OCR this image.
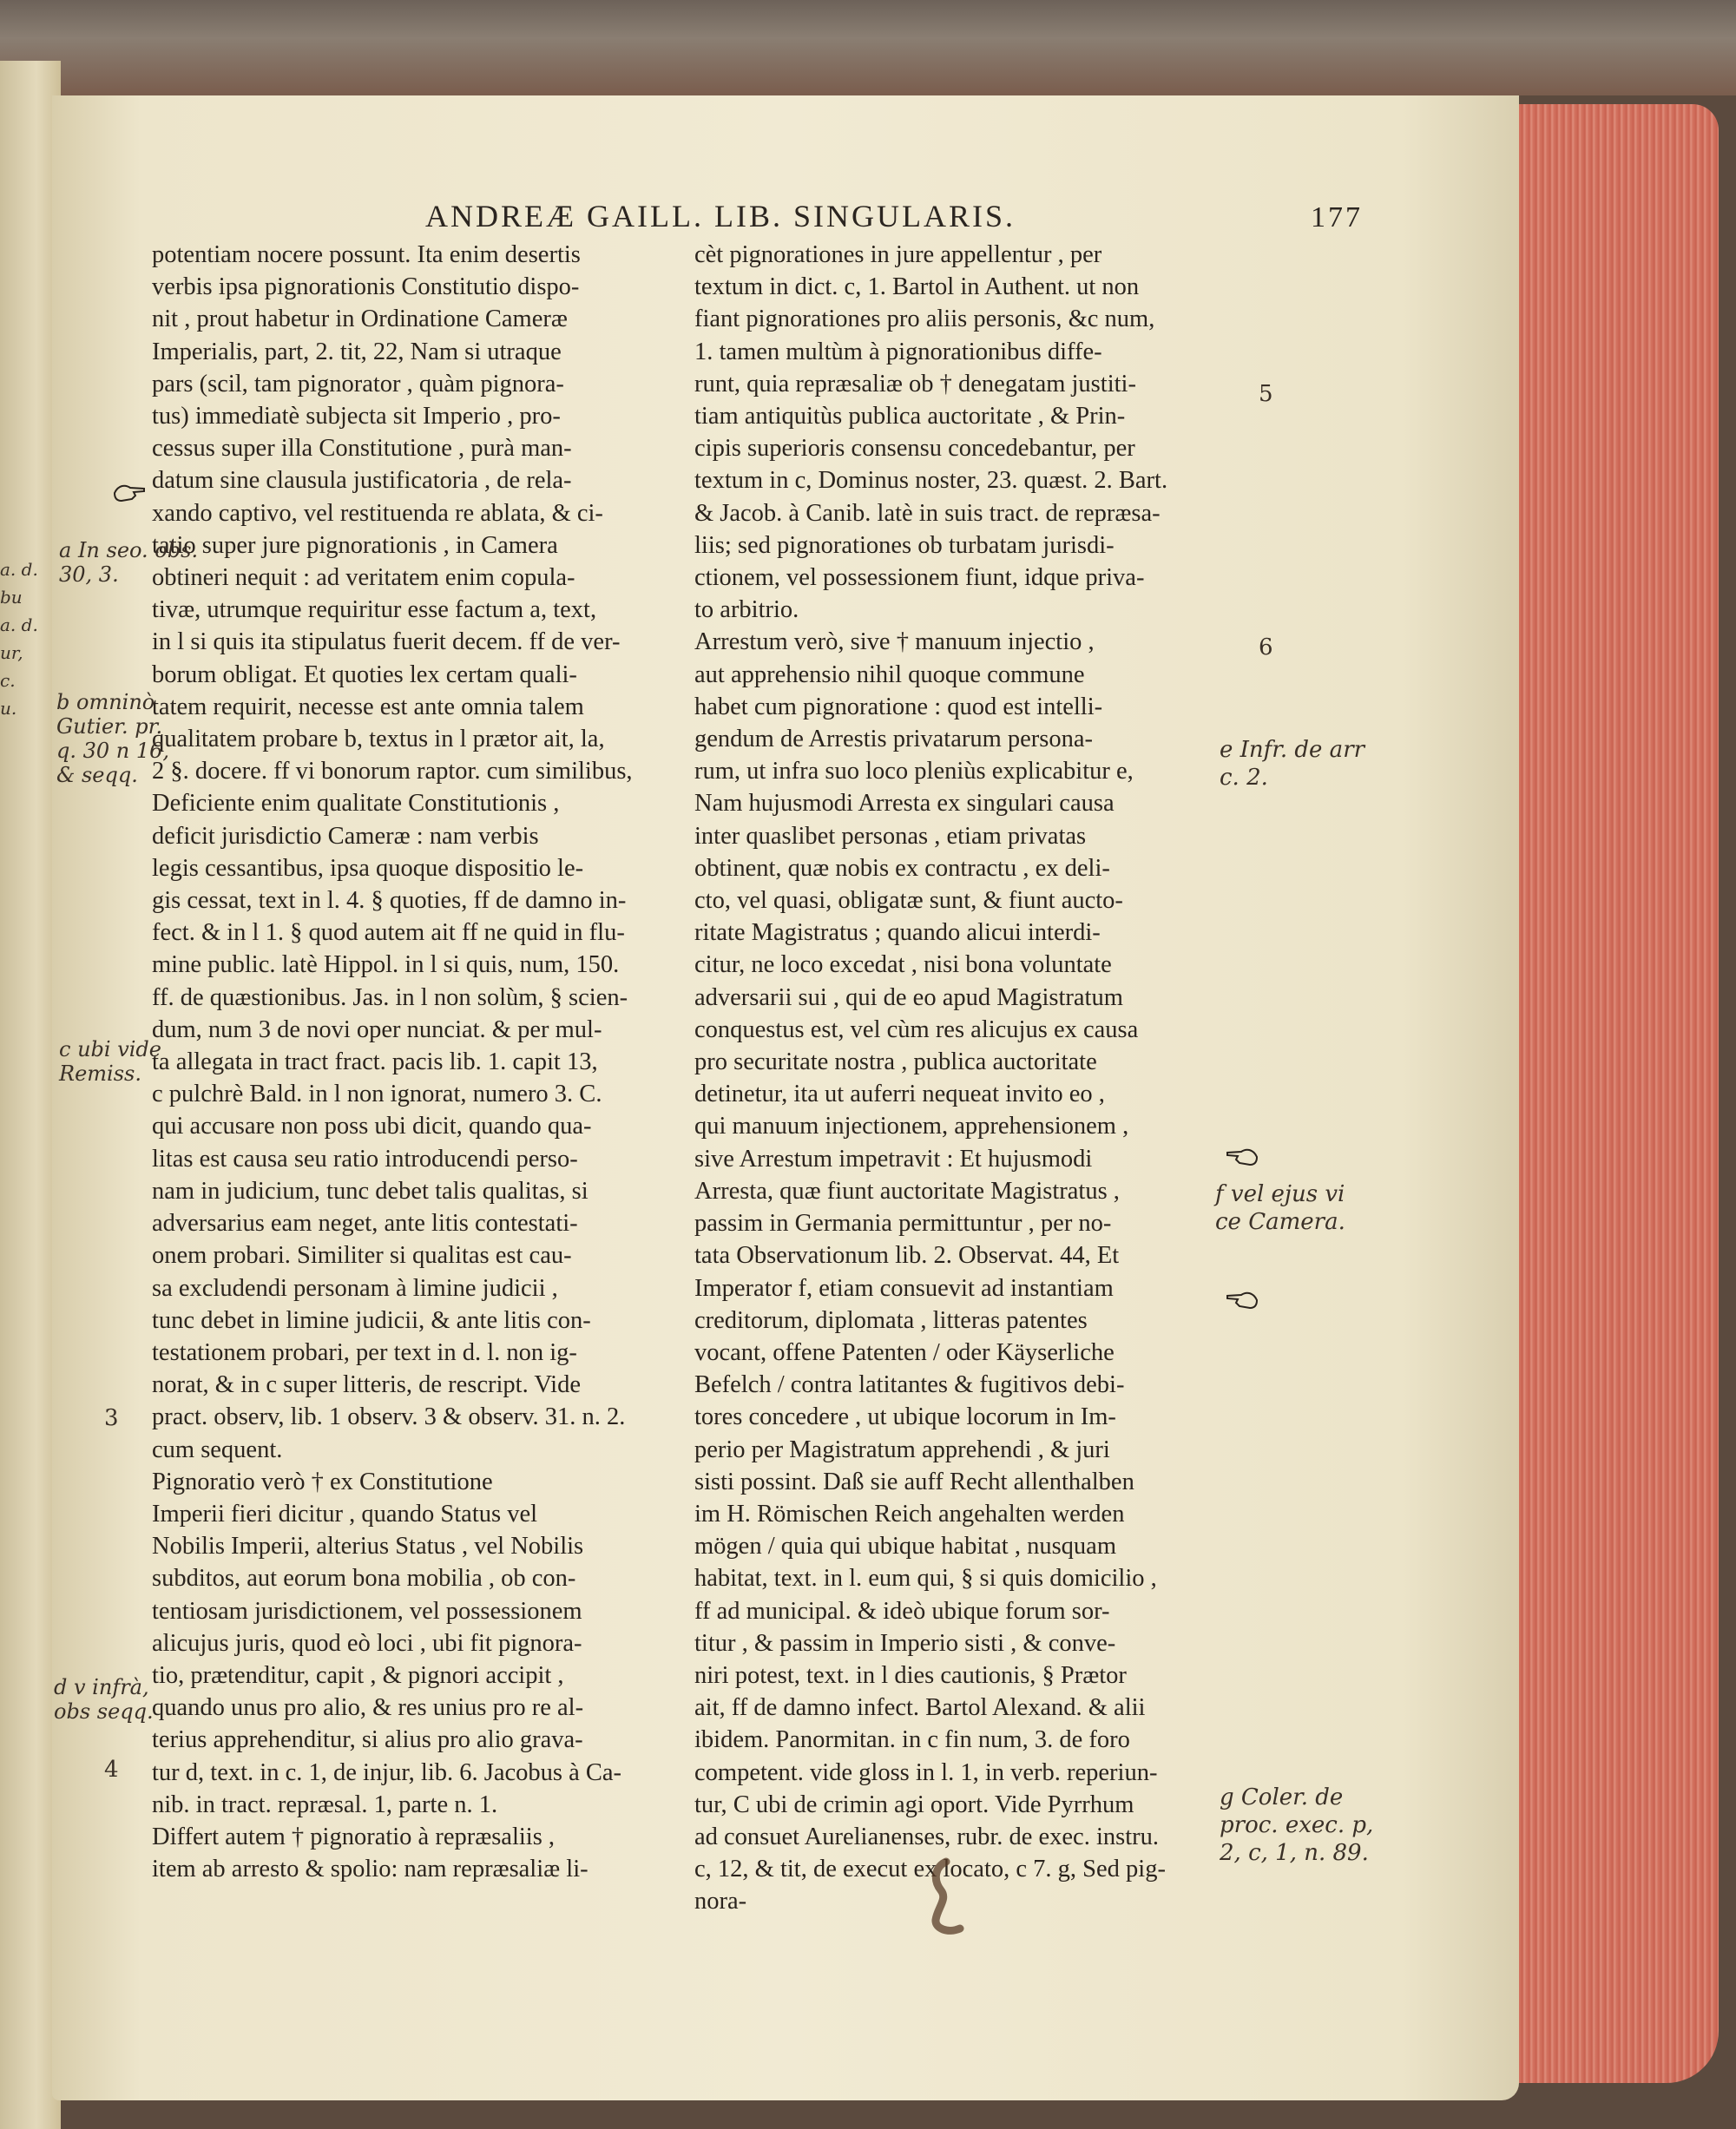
ANDREÆ GAILL. LIB. SINGULARIS.	177
potentiam nocere possunt. Ita enim desertis
verbis ipsa pignorationis Constitutio dispo-
nit , prout habetur in Ordinatione Cameræ
Imperialis, part, 2. tit, 22, Nam si utraque
pars (scil, tam pignorator , quàm pignora-
tus) immediatè subjecta sit Imperio , pro-
cessus super illa Constitutione , purà man-
datum sine clausula justificatoria , de rela-
xando captivo, vel restituenda re ablata, & ci-
tatio super jure pignorationis , in Camera
obtineri nequit : ad veritatem enim copula-
tivæ, utrumque requiritur esse factum a, text,
in l si quis ita stipulatus fuerit decem. ff de ver-
borum obligat. Et quoties lex certam quali-
tatem requirit, necesse est ante omnia talem
qualitatem probare b, textus in l prætor ait, la,
2 §. docere. ff vi bonorum raptor. cum similibus,
Deficiente enim qualitate Constitutionis ,
deficit jurisdictio Cameræ : nam verbis
legis cessantibus, ipsa quoque dispositio le-
gis cessat, text in l. 4. § quoties, ff de damno in-
fect. & in l 1. § quod autem ait ff ne quid in flu-
mine public. latè Hippol. in l si quis, num, 150.
ff. de quæstionibus. Jas. in l non solùm, § scien-
dum, num 3 de novi oper nunciat. & per mul-
ta allegata in tract fract. pacis lib. 1. capit 13,
c pulchrè Bald. in l non ignorat, numero 3. C.
qui accusare non poss ubi dicit, quando qua-
litas est causa seu ratio introducendi perso-
nam in judicium, tunc debet talis qualitas, si
adversarius eam neget, ante litis contestati-
onem probari. Similiter si qualitas est cau-
sa excludendi personam à limine judicii ,
tunc debet in limine judicii, & ante litis con-
testationem probari, per text in d. l. non ig-
norat, & in c super litteris, de rescript. Vide
pract. observ, lib. 1 observ. 3 & observ. 31. n. 2.
cum sequent.
Pignoratio verò † ex Constitutione
Imperii fieri dicitur , quando Status vel
Nobilis Imperii, alterius Status , vel Nobilis
subditos, aut eorum bona mobilia , ob con-
tentiosam jurisdictionem, vel possessionem
alicujus juris, quod eò loci , ubi fit pignora-
tio, prætenditur, capit , & pignori accipit ,
quando unus pro alio, & res unius pro re al-
terius apprehenditur, si alius pro alio grava-
tur d, text. in c. 1, de injur, lib. 6. Jacobus à Ca-
nib. in tract. repræsal. 1, parte n. 1.
Differt autem † pignoratio à repræsaliis ,
item ab arresto & spolio: nam repræsaliæ li-
cèt pignorationes in jure appellentur , per
textum in dict. c, 1. Bartol in Authent. ut non
fiant pignorationes pro aliis personis, &c num,
1. tamen multùm à pignorationibus diffe-
runt, quia repræsaliæ ob † denegatam justiti-
tiam antiquitùs publica auctoritate , & Prin-
cipis superioris consensu concedebantur, per
textum in c, Dominus noster, 23. quæst. 2. Bart.
& Jacob. à Canib. latè in suis tract. de repræsa-
liis; sed pignorationes ob turbatam jurisdi-
ctionem, vel possessionem fiunt, idque priva-
to arbitrio.
Arrestum verò, sive † manuum injectio ,
aut apprehensio nihil quoque commune
habet cum pignoratione : quod est intelli-
gendum de Arrestis privatarum persona-
rum, ut infra suo loco pleniùs explicabitur e,
Nam hujusmodi Arresta ex singulari causa
inter quaslibet personas , etiam privatas
obtinent, quæ nobis ex contractu , ex deli-
cto, vel quasi, obligatæ sunt, & fiunt aucto-
ritate Magistratus ; quando alicui interdi-
citur, ne loco excedat , nisi bona voluntate
adversarii sui , qui de eo apud Magistratum
conquestus est, vel cùm res alicujus ex causa
pro securitate nostra , publica auctoritate
detinetur, ita ut auferri nequeat invito eo ,
qui manuum injectionem, apprehensionem ,
sive Arrestum impetravit : Et hujusmodi
Arresta, quæ fiunt auctoritate Magistratus ,
passim in Germania permittuntur , per no-
tata Observationum lib. 2. Observat. 44, Et
Imperator f, etiam consuevit ad instantiam
creditorum, diplomata , litteras patentes
vocant, offene Patenten / oder Käyserliche
Befelch / contra latitantes & fugitivos debi-
tores concedere , ut ubique locorum in Im-
perio per Magistratum apprehendi , & juri
sisti possint. Daß sie auff Recht allenthalben
im H. Römischen Reich angehalten werden
mögen / quia qui ubique habitat , nusquam
habitat, text. in l. eum qui, § si quis domicilio ,
ff ad municipal. & ideò ubique forum sor-
titur , & passim in Imperio sisti , & conve-
niri potest, text. in l dies cautionis, § Prætor
ait, ff de damno infect. Bartol Alexand. & alii
ibidem. Panormitan. in c fin num, 3. de foro
competent. vide gloss in l. 1, in verb. reperiun-
tur, C ubi de crimin agi oport. Vide Pyrrhum
ad consuet Aurelianenses, rubr. de exec. instru.
c, 12, & tit, de execut ex locato, c 7. g, Sed pig-
nora-
a In seo. obs.
30, 3.
b omninò
Gutier. pr.
q. 30 n 16,
& seqq.
c ubi vide
Remiss.
3
d v infrà,
obs seqq.
4
5
6
e Infr. de arr
c. 2.
f vel ejus vi
ce Camera.
g Coler. de
proc. exec. p,
2, c, 1, n. 89.
a. d.
bu
a. d.
ur,
c.
u.
